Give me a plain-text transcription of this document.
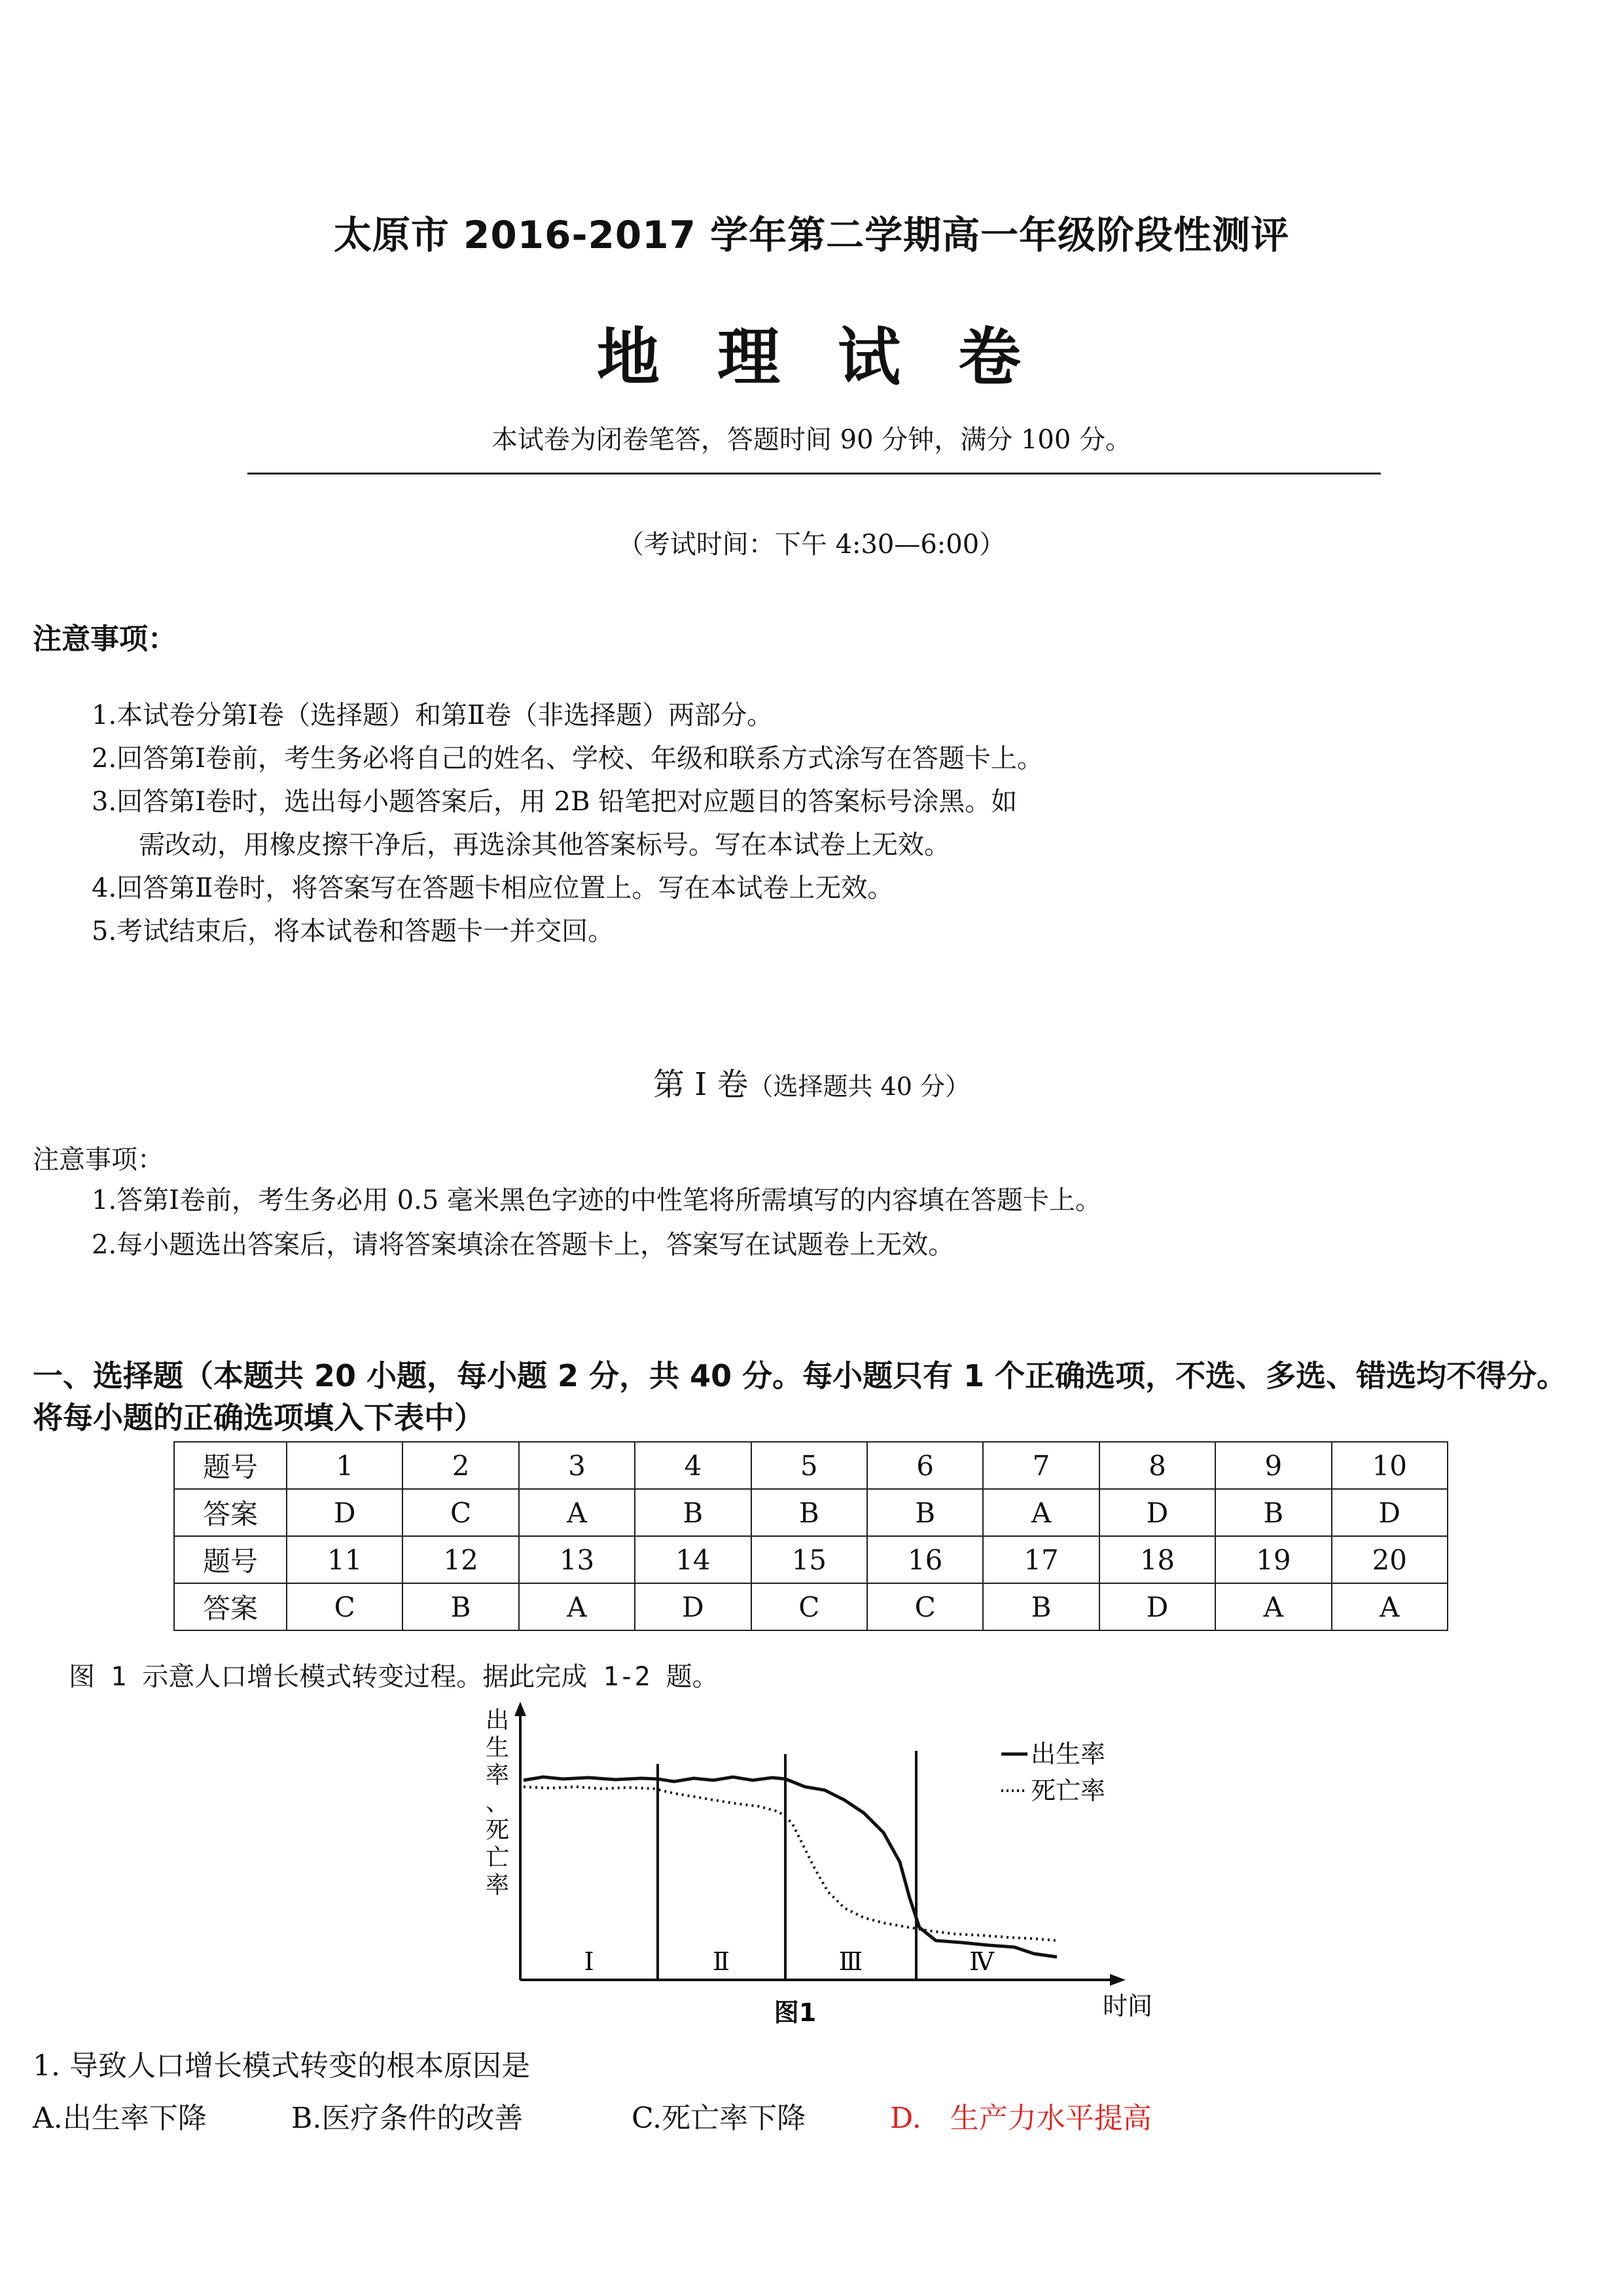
太原市 2016-2017 学年第二学期高一年级阶段性测评
地理试卷
本试卷为闭卷笔答，答题时间 90 分钟，满分 100 分。
（考试时间：下午 4:30—6:00）
注意事项：
1.本试卷分第Ⅰ卷（选择题）和第Ⅱ卷（非选择题）两部分。
2.回答第Ⅰ卷前，考生务必将自己的姓名、学校、年级和联系方式涂写在答题卡上。
3.回答第Ⅰ卷时，选出每小题答案后，用 2B 铅笔把对应题目的答案标号涂黑。如
需改动，用橡皮擦干净后，再选涂其他答案标号。写在本试卷上无效。
4.回答第Ⅱ卷时，将答案写在答题卡相应位置上。写在本试卷上无效。
5.考试结束后，将本试卷和答题卡一并交回。
第 Ⅰ 卷（选择题共 40 分）
注意事项：
1.答第Ⅰ卷前，考生务必用 0.5 毫米黑色字迹的中性笔将所需填写的内容填在答题卡上。
2.每小题选出答案后，请将答案填涂在答题卡上，答案写在试题卷上无效。
一、选择题（本题共 20 小题，每小题 2 分，共 40 分。每小题只有 1 个正确选项，不选、多选、错选均不得分。将每小题的正确选项填入下表中）
题号	1	2	3	4	5	6	7	8	9	10
答案	D	C	A	B	B	B	A	D	B	D
题号	11	12	13	14	15	16	17	18	19	20
答案	C	B	A	D	C	C	B	D	A	A
图 1 示意人口增长模式转变过程。据此完成 1-2 题。
出 生 率 、 死 亡 率
Ⅰ	Ⅱ	Ⅲ	Ⅳ
出生率
死亡率
时间
图1
1. 导致人口增长模式转变的根本原因是
A.出生率下降	B.医疗条件的改善	C.死亡率下降	D.　生产力水平提高
